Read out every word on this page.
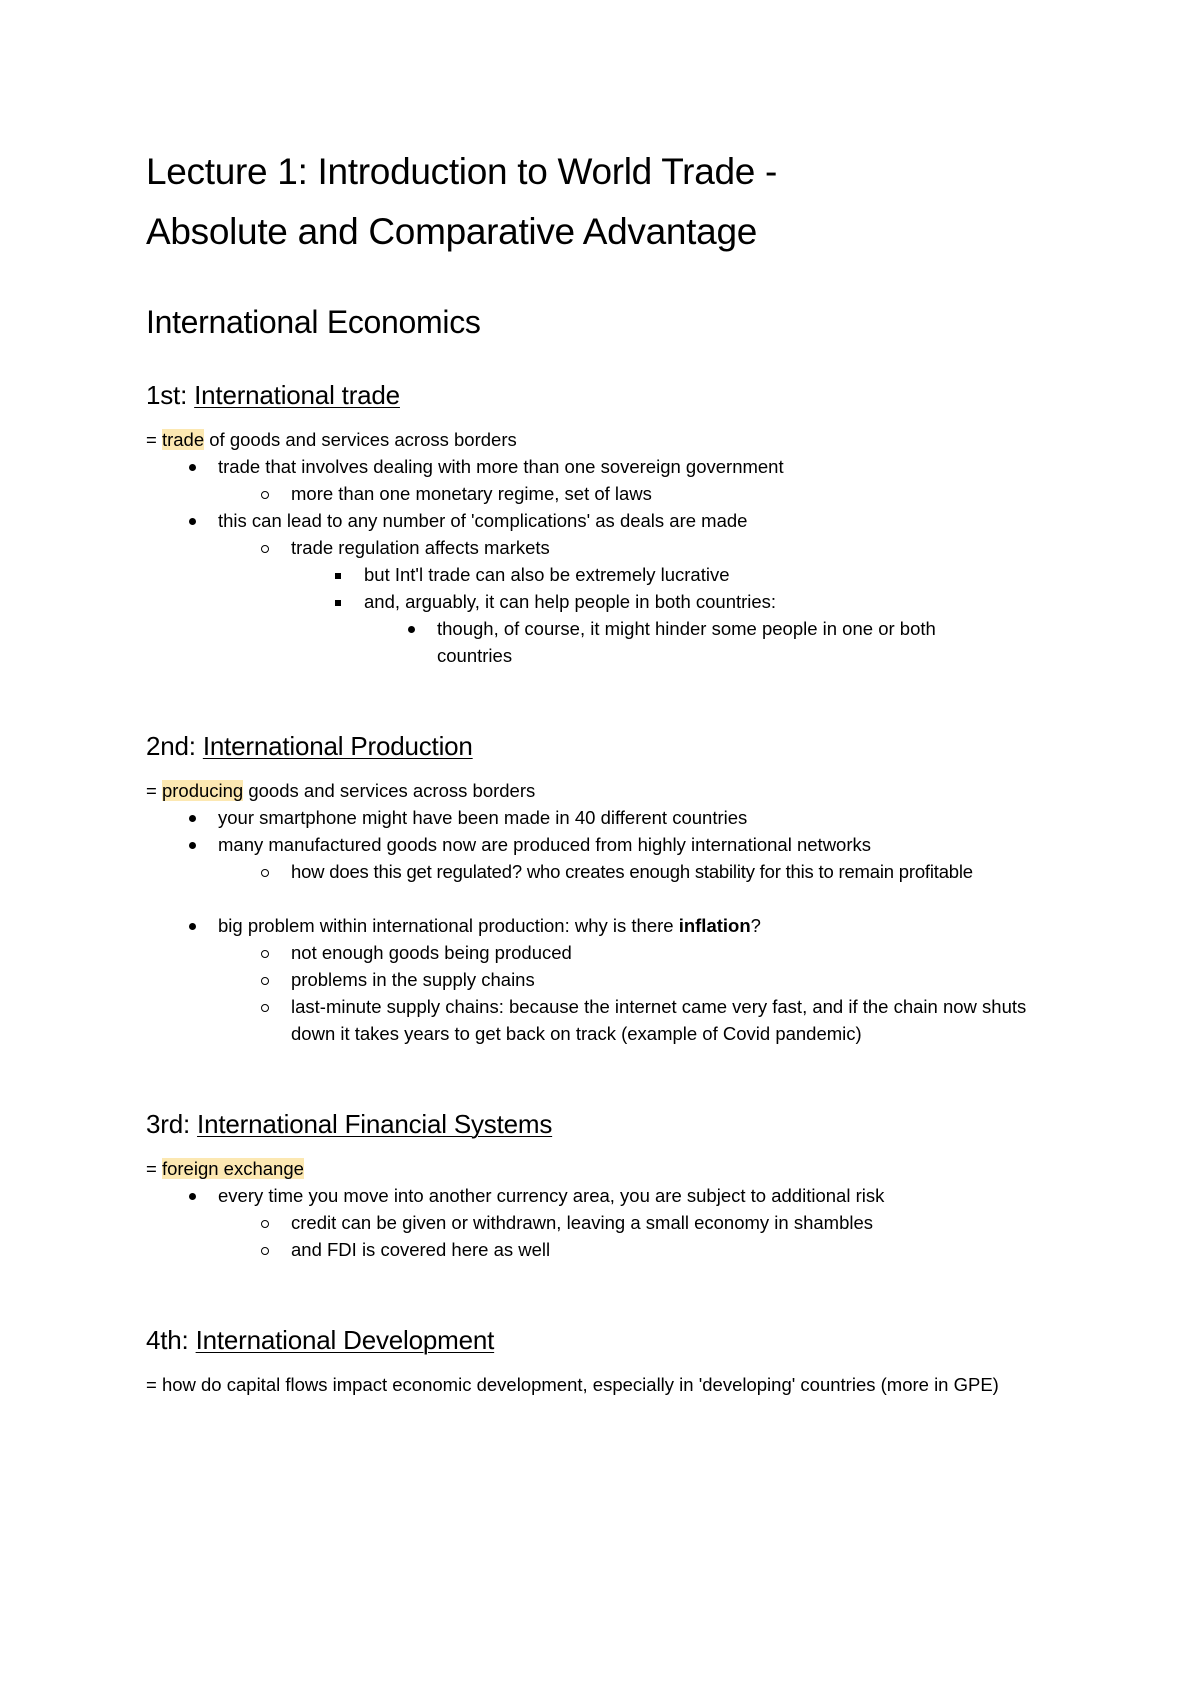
Lecture 1: Introduction to World Trade -
Absolute and Comparative Advantage
International Economics
1st: International trade

= trade of goods and services across borders

trade that involves dealing with more than one sovereign government
more than one monetary regime, set of laws
this can lead to any number of 'complications' as deals are made
trade regulation affects markets
but Int'l trade can also be extremely lucrative
and, arguably, it can help people in both countries:
though, of course, it might hinder some people in one or both countries
2nd: International Production

= producing goods and services across borders

your smartphone might have been made in 40 different countries
many manufactured goods now are produced from highly international networks
how does this get regulated? who creates enough stability for this to remain profitable
big problem within international production: why is there inflation?
not enough goods being produced
problems in the supply chains
last-minute supply chains: because the internet came very fast, and if the chain now shuts down it takes years to get back on track (example of Covid pandemic)
3rd: International Financial Systems

= foreign exchange

every time you move into another currency area, you are subject to additional risk
credit can be given or withdrawn, leaving a small economy in shambles
and FDI is covered here as well
4th: International Development

= how do capital flows impact economic development, especially in 'developing' countries (more in GPE)
